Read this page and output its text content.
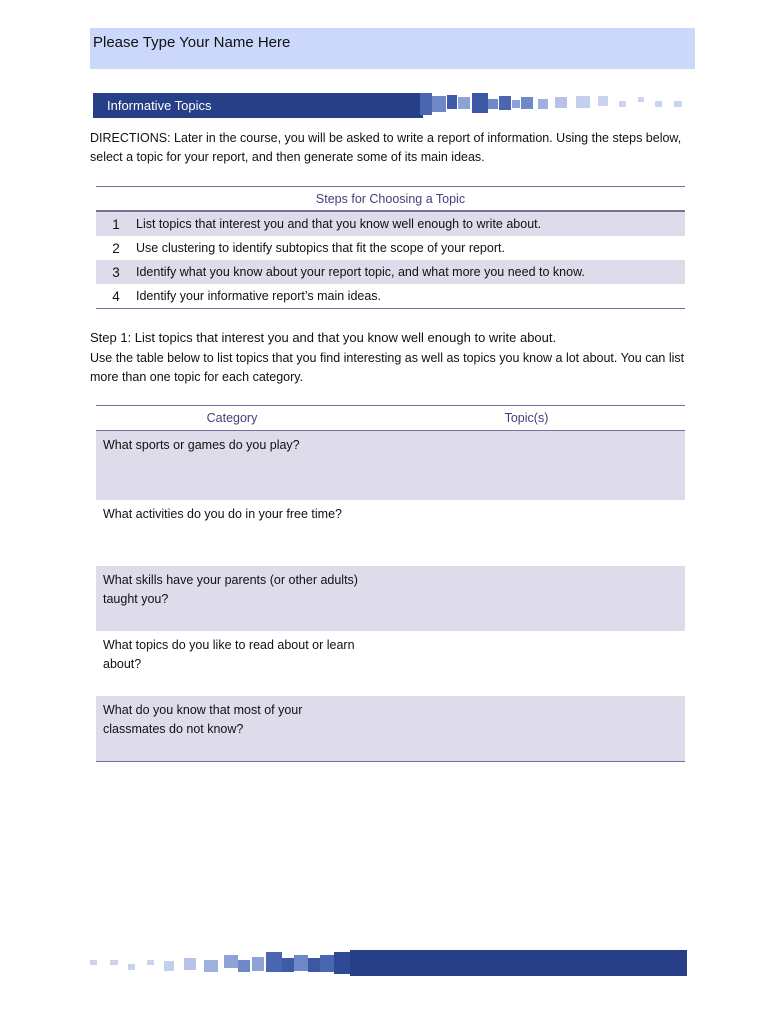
Please Type Your Name Here
Informative Topics
DIRECTIONS: Later in the course, you will be asked to write a report of information. Using the steps below, select a topic for your report, and then generate some of its main ideas.
Steps for Choosing a Topic	
1	List topics that interest you and that you know well enough to write about.
2	Use clustering to identify subtopics that fit the scope of your report.
3	Identify what you know about your report topic, and what more you need to know.
4	Identify your informative report’s main ideas.
Step 1: List topics that interest you and that you know well enough to write about.
Use the table below to list topics that you find interesting as well as topics you know a lot about. You can list more than one topic for each category.
Category	Topic(s)
What sports or games do you play?	
What activities do you do in your free time?	
What skills have your parents (or other adults) taught you?	
What topics do you like to read about or learn about?	
What do you know that most of your classmates do not know?	
